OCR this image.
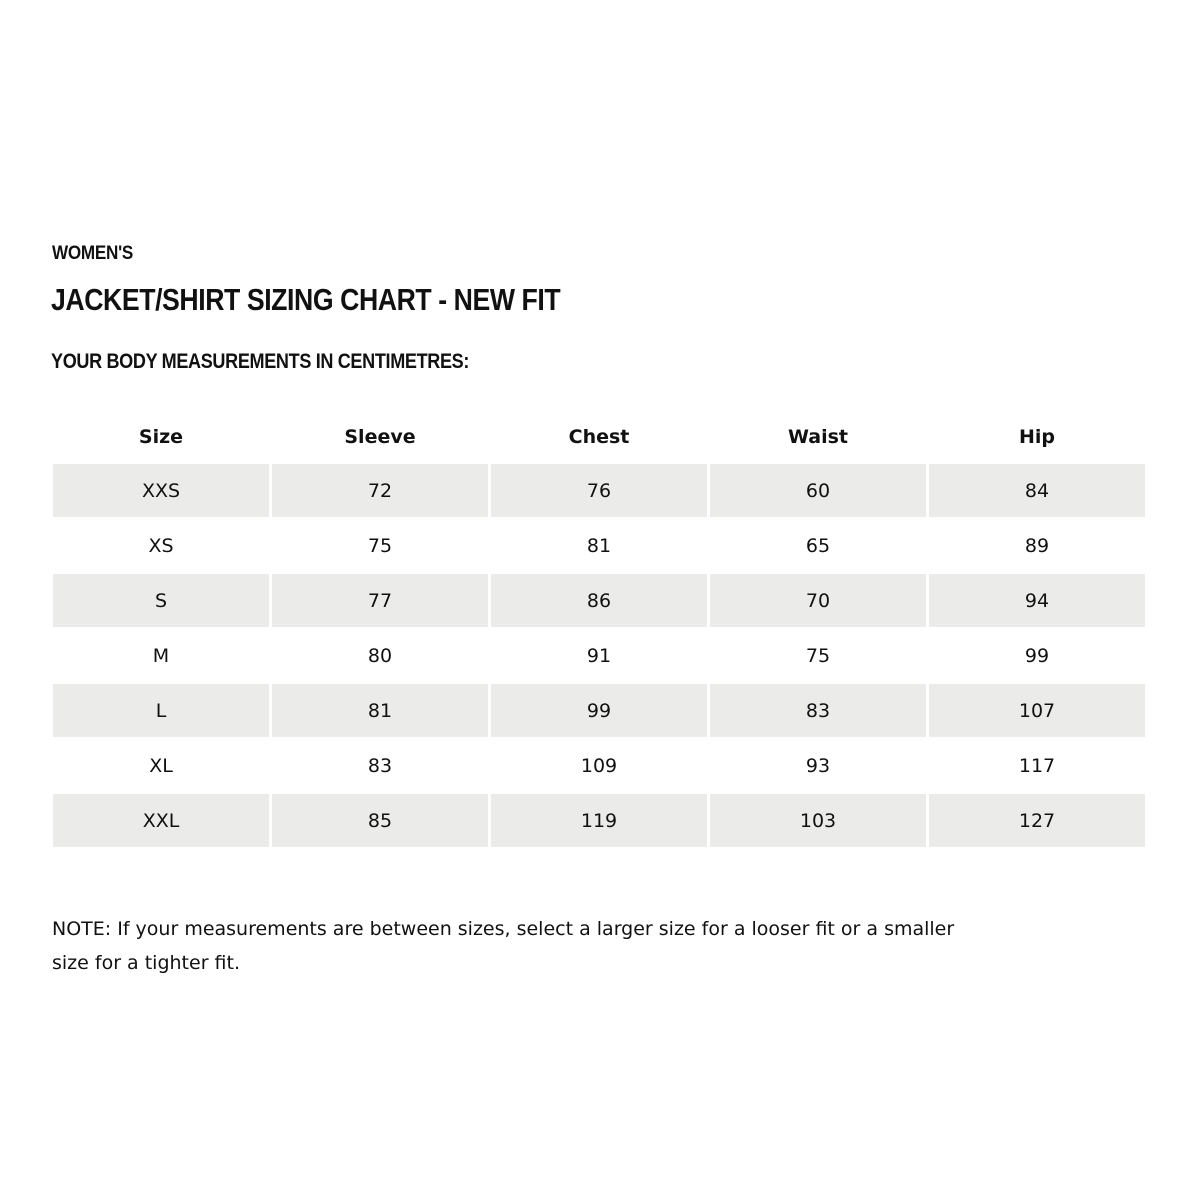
WOMEN'S
JACKET/SHIRT SIZING CHART - NEW FIT
YOUR BODY MEASUREMENTS IN CENTIMETRES:
Size	Sleeve	Chest	Waist	Hip
XXS	72	76	60	84
XS	75	81	65	89
S	77	86	70	94
M	80	91	75	99
L	81	99	83	107
XL	83	109	93	117
XXL	85	119	103	127

NOTE: If your measurements are between sizes, select a larger size for a looser fit or a smaller size for a tighter fit.
